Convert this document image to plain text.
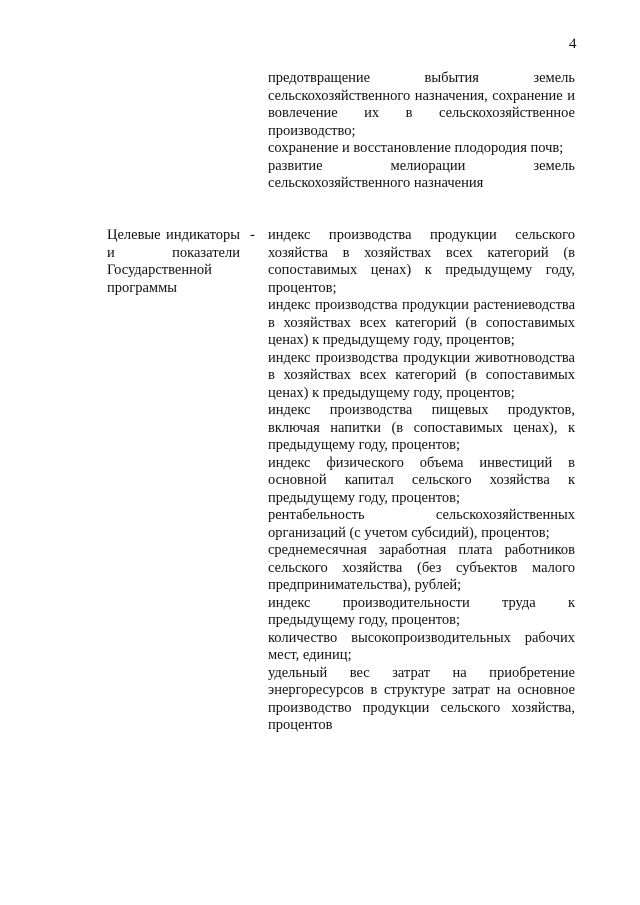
4

предотвращение выбытия земель сельскохозяйственного назначения, сохранение и вовлечение их в сельскохозяйственное производство;

сохранение и восстановление плодородия почв;

развитие мелиорации земель сельскохозяйственного назначения

Целевые индикаторы и показатели Государственной программы

- индекс производства продукции сельского хозяйства в хозяйствах всех категорий (в сопоставимых ценах) к предыдущему году, процентов;

индекс производства продукции растениеводства в хозяйствах всех категорий (в сопоставимых ценах) к предыдущему году, процентов;

индекс производства продукции животноводства в хозяйствах всех категорий (в сопоставимых ценах) к предыдущему году, процентов;

индекс производства пищевых продуктов, включая напитки (в сопоставимых ценах), к предыдущему году, процентов;

индекс физического объема инвестиций в основной капитал сельского хозяйства к предыдущему году, процентов;

рентабельность сельскохозяйственных организаций (с учетом субсидий), процентов;

среднемесячная заработная плата работников сельского хозяйства (без субъектов малого предпринимательства), рублей;

индекс производительности труда к предыдущему году, процентов;

количество высокопроизводительных рабочих мест, единиц;

удельный вес затрат на приобретение энергоресурсов в структуре затрат на основное производство продукции сельского хозяйства, процентов
